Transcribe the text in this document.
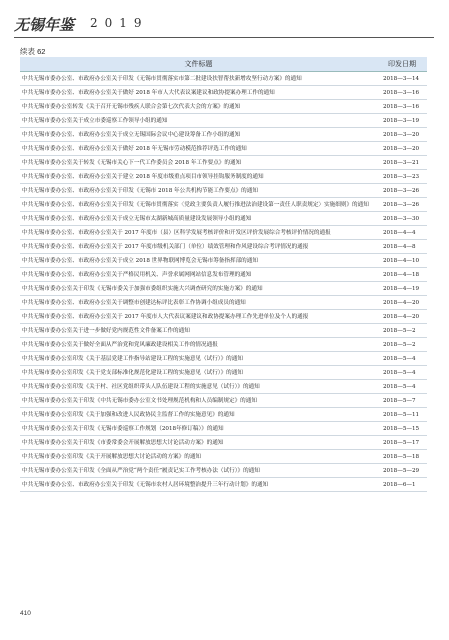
无锡年鉴 2019
续表 62
文件标题	印发日期
中共无锡市委办公室、市政府办公室关于印发《无锡市贯彻落实市第二批建设扶智帮扶新增攻坚行动方案》的通知	2018—3—14
中共无锡市委办公室、市政府办公室关于做好 2018 年市人大代表议案建议和政协提案办理工作的通知	2018—3—16
中共无锡市委办公室转发《关于召开无锡市残疾人联合会第七次代表大会的方案》的通知	2018—3—16
中共无锡市委办公室关于成立市委巡察工作领导小组的通知	2018—3—19
中共无锡市委办公室、市政府办公室关于成立无锡国际会议中心建设筹备工作小组的通知	2018—3—20
中共无锡市委办公室、市政府办公室关于做好 2018 年无锡市劳动模范推荐评选工作的通知	2018—3—20
中共无锡市委办公室关于转发《无锡市关心下一代工作委员会 2018 年工作要点》的通知	2018—3—21
中共无锡市委办公室、市政府办公室关于建立 2018 年度市级重点项目市领导挂钩服务制度的通知	2018—3—23
中共无锡市委办公室、市政府办公室关于印发《无锡市 2018 年公共机构节能工作要点》的通知	2018—3—26
中共无锡市委办公室、市政府办公室关于印发《无锡市贯彻落实〈党政主要负责人履行推进法治建设第一责任人职责规定〉实施细则》的通知	2018—3—26
中共无锡市委办公室、市政府办公室关于成立无锡市太湖新城高质量建设发展领导小组的通知	2018—3—30
中共无锡市委办公室、市政府办公室关于 2017 年度市（县）区科学发展考核评价和开发区评价发展综合考核评价情况的通报	2018—4—4
中共无锡市委办公室、市政府办公室关于 2017 年度市级机关部门（单位）绩效管理和作风建设综合考评情况的通报	2018—4—8
中共无锡市委办公室、市政府办公室关于成立 2018 世界物联网博览会无锡市筹备指挥部的通知	2018—4—10
中共无锡市委办公室、市政府办公室关于严格民用机关、声誉求属网网站信息发布管理的通知	2018—4—18
中共无锡市委办公室关于印发《无锡市委关于加强市委组织实施大兴调查研究的实施方案》的通知	2018—4—19
中共无锡市委办公室、市政府办公室关于调整市创建达标评比表彰工作协调小组成员的通知	2018—4—20
中共无锡市委办公室、市政府办公室关于 2017 年度市人大代表议案建议和政协提案办理工作先进单位及个人的通报	2018—4—20
中共无锡市委办公室关于进一步做好党内规范性文件备案工作的通知	2018—5—2
中共无锡市委办公室关于做好全面从严治党和党风廉政建设相关工作的情况通报	2018—5—2
中共无锡市委办公室印发《关于基层党建工作指导站建设工程的实施意见（试行）》的通知	2018—5—4
中共无锡市委办公室印发《关于党支部标准化规范化建设工程的实施意见（试行）》的通知	2018—5—4
中共无锡市委办公室印发《关于村、社区党组织带头人队伍建设工程的实施意见（试行）》的通知	2018—5—4
中共无锡市委办公室关于印发《中共无锡市委办公室文书处理规范机构和人员编制规定》的通知	2018—5—7
中共无锡市委办公室印发《关于加强和改进人民政协民主监督工作的实施意见》的通知	2018—5—11
中共无锡市委办公室关于印发《无锡市委巡察工作规划（2018年修订稿）》的通知	2018—5—15
中共无锡市委办公室关于印发《市委常委会开展解放思想大讨论活动方案》的通知	2018—5—17
中共无锡市委办公室印发《关于开展解放思想大讨论活动的方案》的通知	2018—5—18
中共无锡市委办公室关于印发《全面从严治党“两个责任”履责记实工作考核办法（试行）》的通知	2018—5—29
中共无锡市委办公室、市政府办公室关于印发《无锡市农村人居环境整治提升三年行动计划》的通知	2018—6—1
410
